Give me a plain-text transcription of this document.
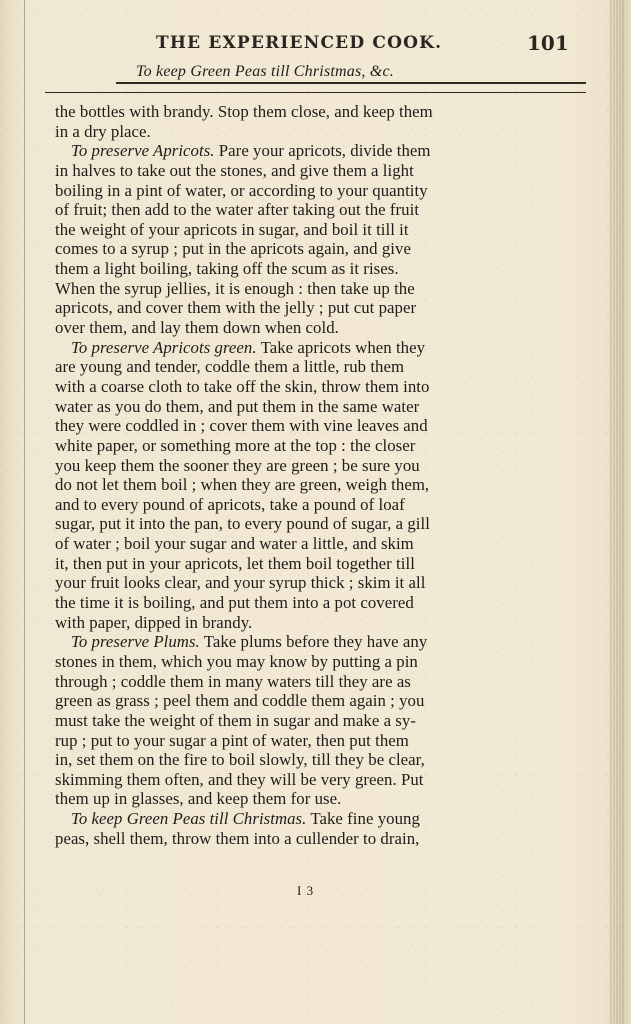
THE EXPERIENCED COOK.	101
To keep Green Peas till Christmas, &c.
the bottles with brandy. Stop them close, and keep them
in a dry place.
To preserve Apricots. Pare your apricots, divide them
in halves to take out the stones, and give them a light
boiling in a pint of water, or according to your quantity
of fruit; then add to the water after taking out the fruit
the weight of your apricots in sugar, and boil it till it
comes to a syrup ; put in the apricots again, and give
them a light boiling, taking off the scum as it rises.
When the syrup jellies, it is enough : then take up the
apricots, and cover them with the jelly ; put cut paper
over them, and lay them down when cold.
To preserve Apricots green. Take apricots when they
are young and tender, coddle them a little, rub them
with a coarse cloth to take off the skin, throw them into
water as you do them, and put them in the same water
they were coddled in ; cover them with vine leaves and
white paper, or something more at the top : the closer
you keep them the sooner they are green ; be sure you
do not let them boil ; when they are green, weigh them,
and to every pound of apricots, take a pound of loaf
sugar, put it into the pan, to every pound of sugar, a gill
of water ; boil your sugar and water a little, and skim
it, then put in your apricots, let them boil together till
your fruit looks clear, and your syrup thick ; skim it all
the time it is boiling, and put them into a pot covered
with paper, dipped in brandy.
To preserve Plums. Take plums before they have any
stones in them, which you may know by putting a pin
through ; coddle them in many waters till they are as
green as grass ; peel them and coddle them again ; you
must take the weight of them in sugar and make a sy-
rup ; put to your sugar a pint of water, then put them
in, set them on the fire to boil slowly, till they be clear,
skimming them often, and they will be very green. Put
them up in glasses, and keep them for use.
To keep Green Peas till Christmas. Take fine young
peas, shell them, throw them into a cullender to drain,
I 3
